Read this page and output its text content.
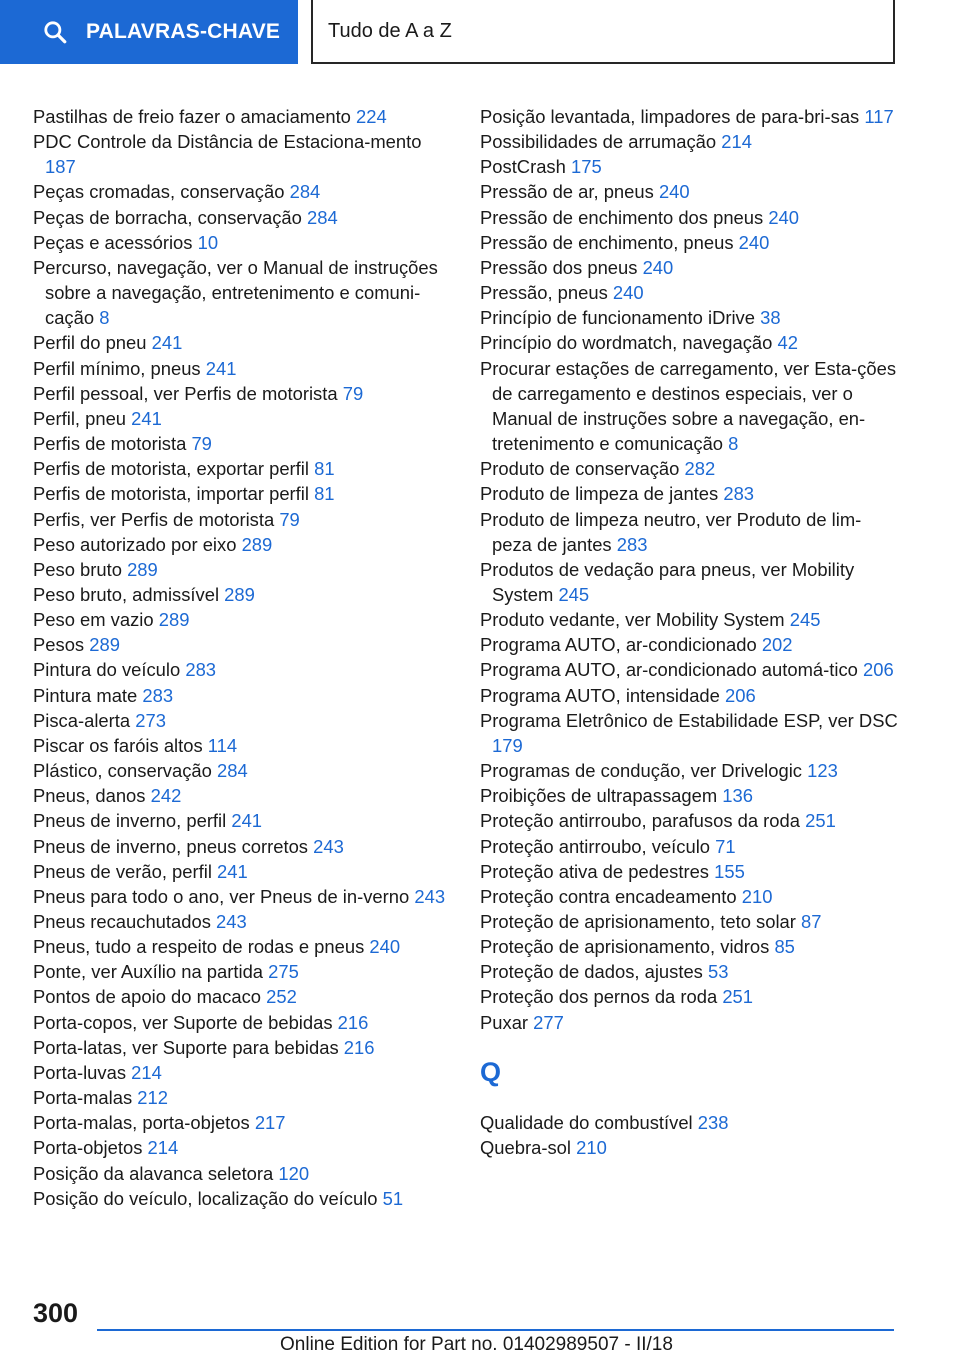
PALAVRAS-CHAVE Tudo de A a Z
Pastilhas de freio fazer o amaciamento 224
PDC Controle da Distância de Estaciona-mento 187
Peças cromadas, conservação 284
Peças de borracha, conservação 284
Peças e acessórios 10
Percurso, navegação, ver o Manual de instruções sobre a navegação, entretenimento e comuni-cação 8
Perfil do pneu 241
Perfil mínimo, pneus 241
Perfil pessoal, ver Perfis de motorista 79
Perfil, pneu 241
Perfis de motorista 79
Perfis de motorista, exportar perfil 81
Perfis de motorista, importar perfil 81
Perfis, ver Perfis de motorista 79
Peso autorizado por eixo 289
Peso bruto 289
Peso bruto, admissível 289
Peso em vazio 289
Pesos 289
Pintura do veículo 283
Pintura mate 283
Pisca-alerta 273
Piscar os faróis altos 114
Plástico, conservação 284
Pneus, danos 242
Pneus de inverno, perfil 241
Pneus de inverno, pneus corretos 243
Pneus de verão, perfil 241
Pneus para todo o ano, ver Pneus de in-verno 243
Pneus recauchutados 243
Pneus, tudo a respeito de rodas e pneus 240
Ponte, ver Auxílio na partida 275
Pontos de apoio do macaco 252
Porta-copos, ver Suporte de bebidas 216
Porta-latas, ver Suporte para bebidas 216
Porta-luvas 214
Porta-malas 212
Porta-malas, porta-objetos 217
Porta-objetos 214
Posição da alavanca seletora 120
Posição do veículo, localização do veículo 51
Posição levantada, limpadores de para-bri-sas 117
Possibilidades de arrumação 214
PostCrash 175
Pressão de ar, pneus 240
Pressão de enchimento dos pneus 240
Pressão de enchimento, pneus 240
Pressão dos pneus 240
Pressão, pneus 240
Princípio de funcionamento iDrive 38
Princípio do wordmatch, navegação 42
Procurar estações de carregamento, ver Esta-ções de carregamento e destinos especiais, ver o Manual de instruções sobre a navegação, en-tretenimento e comunicação 8
Produto de conservação 282
Produto de limpeza de jantes 283
Produto de limpeza neutro, ver Produto de lim-peza de jantes 283
Produtos de vedação para pneus, ver Mobility System 245
Produto vedante, ver Mobility System 245
Programa AUTO, ar-condicionado 202
Programa AUTO, ar-condicionado automá-tico 206
Programa AUTO, intensidade 206
Programa Eletrônico de Estabilidade ESP, ver DSC 179
Programas de condução, ver Drivelogic 123
Proibições de ultrapassagem 136
Proteção antirroubo, parafusos da roda 251
Proteção antirroubo, veículo 71
Proteção ativa de pedestres 155
Proteção contra encadeamento 210
Proteção de aprisionamento, teto solar 87
Proteção de aprisionamento, vidros 85
Proteção de dados, ajustes 53
Proteção dos pernos da roda 251
Puxar 277
Q
Qualidade do combustível 238
Quebra-sol 210
300
Online Edition for Part no. 01402989507 - II/18
